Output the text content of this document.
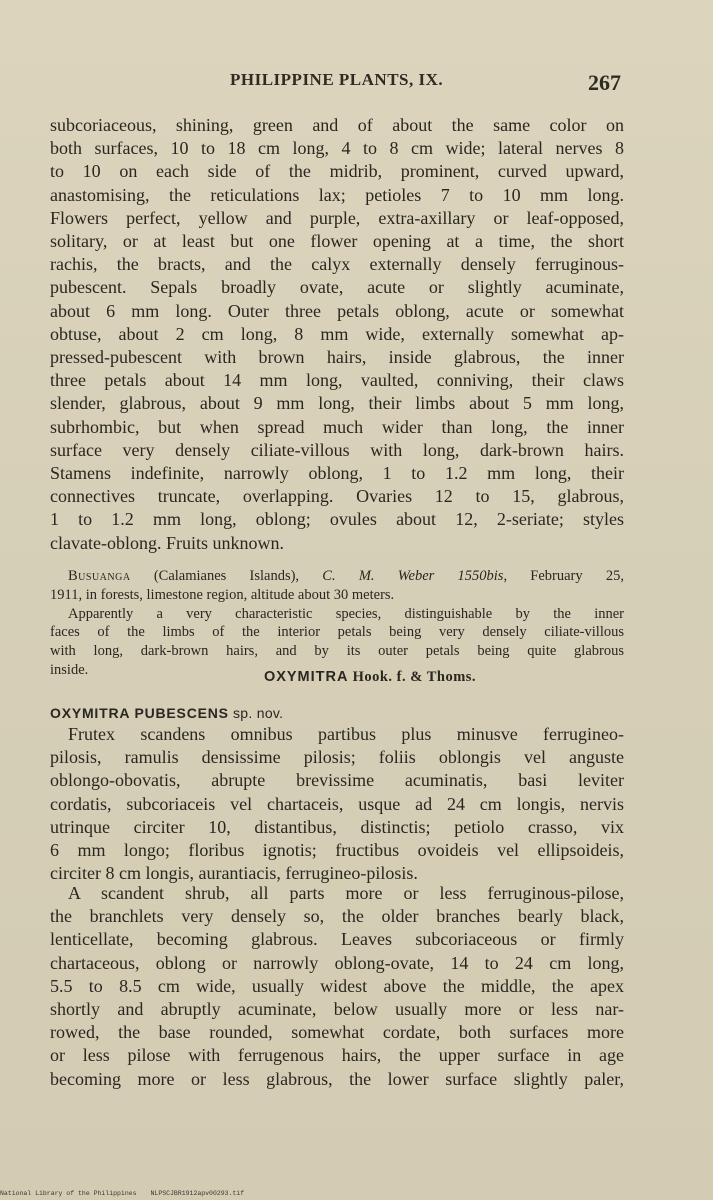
PHILIPPINE PLANTS, IX.	267
subcoriaceous, shining, green and of about the same color on
both surfaces, 10 to 18 cm long, 4 to 8 cm wide; lateral nerves 8
to 10 on each side of the midrib, prominent, curved upward,
anastomising, the reticulations lax; petioles 7 to 10 mm long.
Flowers perfect, yellow and purple, extra-axillary or leaf-opposed,
solitary, or at least but one flower opening at a time, the short
rachis, the bracts, and the calyx externally densely ferruginous-
pubescent. Sepals broadly ovate, acute or slightly acuminate,
about 6 mm long. Outer three petals oblong, acute or somewhat
obtuse, about 2 cm long, 8 mm wide, externally somewhat ap-
pressed-pubescent with brown hairs, inside glabrous, the inner
three petals about 14 mm long, vaulted, conniving, their claws
slender, glabrous, about 9 mm long, their limbs about 5 mm long,
subrhombic, but when spread much wider than long, the inner
surface very densely ciliate-villous with long, dark-brown hairs.
Stamens indefinite, narrowly oblong, 1 to 1.2 mm long, their
connectives truncate, overlapping. Ovaries 12 to 15, glabrous,
1 to 1.2 mm long, oblong; ovules about 12, 2-seriate; styles
clavate-oblong. Fruits unknown.
Busuanga (Calamianes Islands), C. M. Weber 1550bis, February 25,
1911, in forests, limestone region, altitude about 30 meters.
Apparently a very characteristic species, distinguishable by the inner
faces of the limbs of the interior petals being very densely ciliate-villous
with long, dark-brown hairs, and by its outer petals being quite glabrous
inside.	OXYMITRA Hook. f. & Thoms.
OXYMITRA PUBESCENS sp. nov.
Frutex scandens omnibus partibus plus minusve ferrugineo-
pilosis, ramulis densissime pilosis; foliis oblongis vel anguste
oblongo-obovatis, abrupte brevissime acuminatis, basi leviter
cordatis, subcoriaceis vel chartaceis, usque ad 24 cm longis, nervis
utrinque circiter 10, distantibus, distinctis; petiolo crasso, vix
6 mm longo; floribus ignotis; fructibus ovoideis vel ellipsoideis,
circiter 8 cm longis, aurantiacis, ferrugineo-pilosis.
A scandent shrub, all parts more or less ferruginous-pilose,
the branchlets very densely so, the older branches bearly black,
lenticellate, becoming glabrous. Leaves subcoriaceous or firmly
chartaceous, oblong or narrowly oblong-ovate, 14 to 24 cm long,
5.5 to 8.5 cm wide, usually widest above the middle, the apex
shortly and abruptly acuminate, below usually more or less nar-
rowed, the base rounded, somewhat cordate, both surfaces more
or less pilose with ferrugenous hairs, the upper surface in age
becoming more or less glabrous, the lower surface slightly paler,
National Library of the Philippines NLPSCJBR1912apv00293.tif
